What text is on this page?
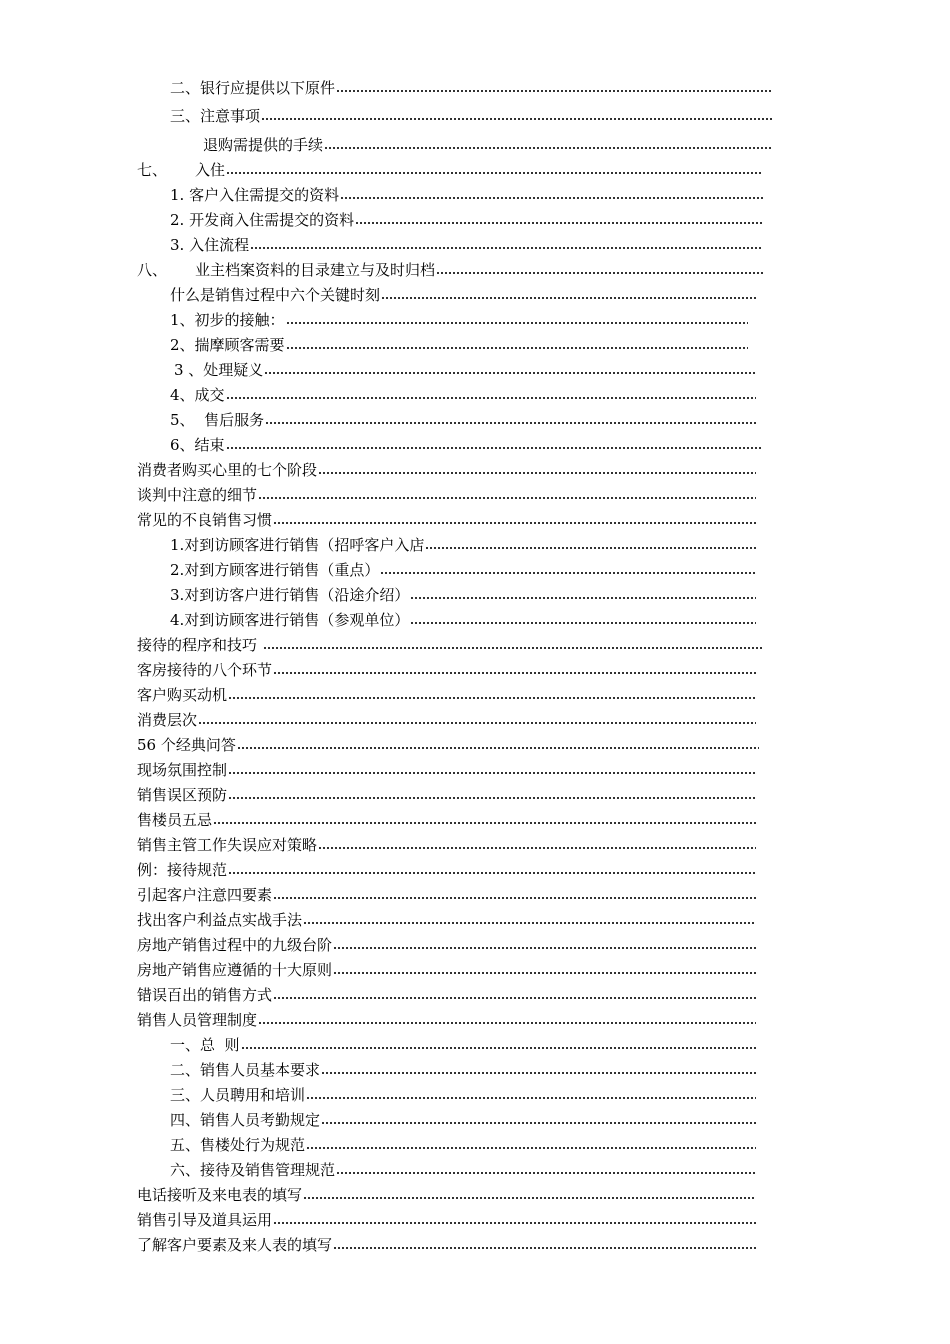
二、银行应提供以下原件
三、注意事项
退购需提供的手续
七、	入住
1. 客户入住需提交的资料
2. 开发商入住需提交的资料
3. 入住流程
八、	业主档案资料的目录建立与及时归档
什么是销售过程中六个关键时刻
1、初步的接触：
2、揣摩顾客需要
3 、处理疑义
4、成交
5、  售后服务
6、结束
消费者购买心里的七个阶段
谈判中注意的细节
常见的不良销售习惯
1.对到访顾客进行销售（招呼客户入店
2.对到方顾客进行销售（重点）
3.对到访客户进行销售（沿途介绍）
4.对到访顾客进行销售（参观单位）
接待的程序和技巧
客房接待的八个环节
客户购买动机
消费层次
56 个经典问答
现场氛围控制
销售误区预防
售楼员五忌
销售主管工作失误应对策略
例：接待规范
引起客户注意四要素
找出客户利益点实战手法
房地产销售过程中的九级台阶
房地产销售应遵循的十大原则
错误百出的销售方式
销售人员管理制度
一、总  则
二、销售人员基本要求
三、人员聘用和培训
四、销售人员考勤规定
五、售楼处行为规范
六、接待及销售管理规范
电话接听及来电表的填写
销售引导及道具运用
了解客户要素及来人表的填写
